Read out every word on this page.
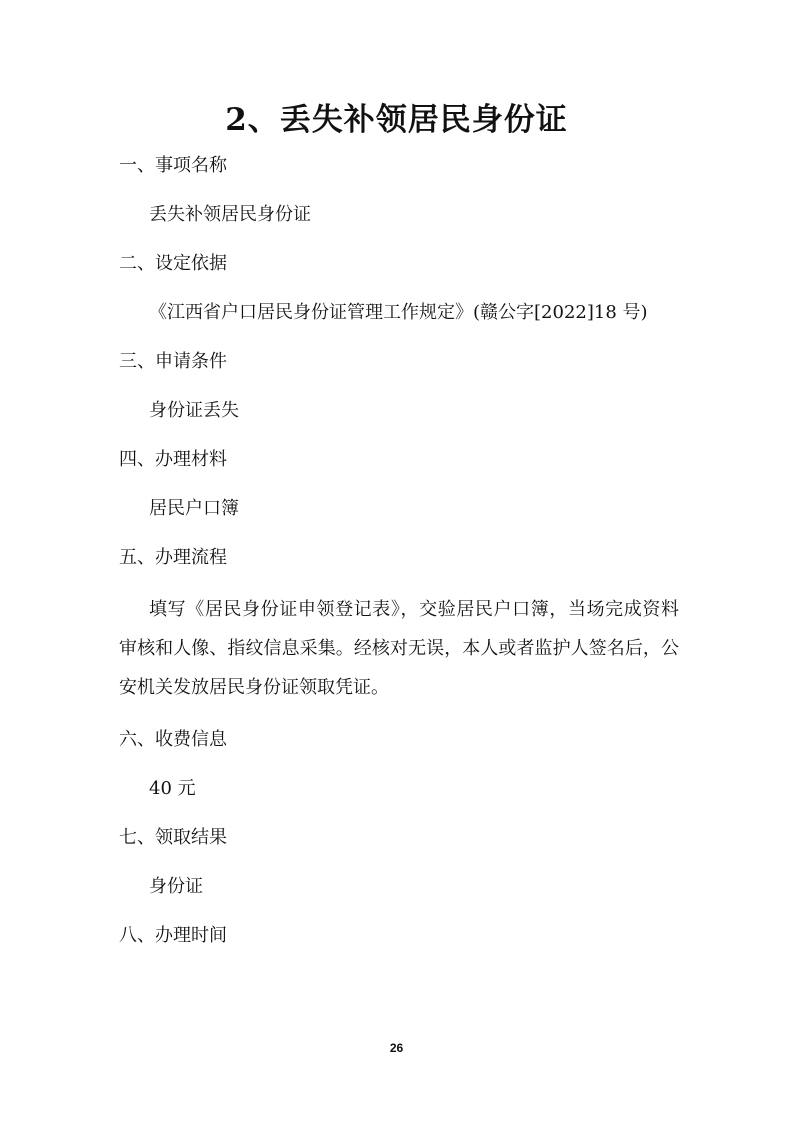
2、丢失补领居民身份证
一、事项名称
丢失补领居民身份证
二、设定依据
《江西省户口居民身份证管理工作规定》(赣公字[2022]18 号)
三、申请条件
身份证丢失
四、办理材料
居民户口簿
五、办理流程

填写《居民身份证申领登记表》，交验居民户口簿，当场完成资料审核和人像、指纹信息采集。经核对无误，本人或者监护人签名后，公安机关发放居民身份证领取凭证。

六、收费信息
40 元
七、领取结果
身份证
八、办理时间
26
